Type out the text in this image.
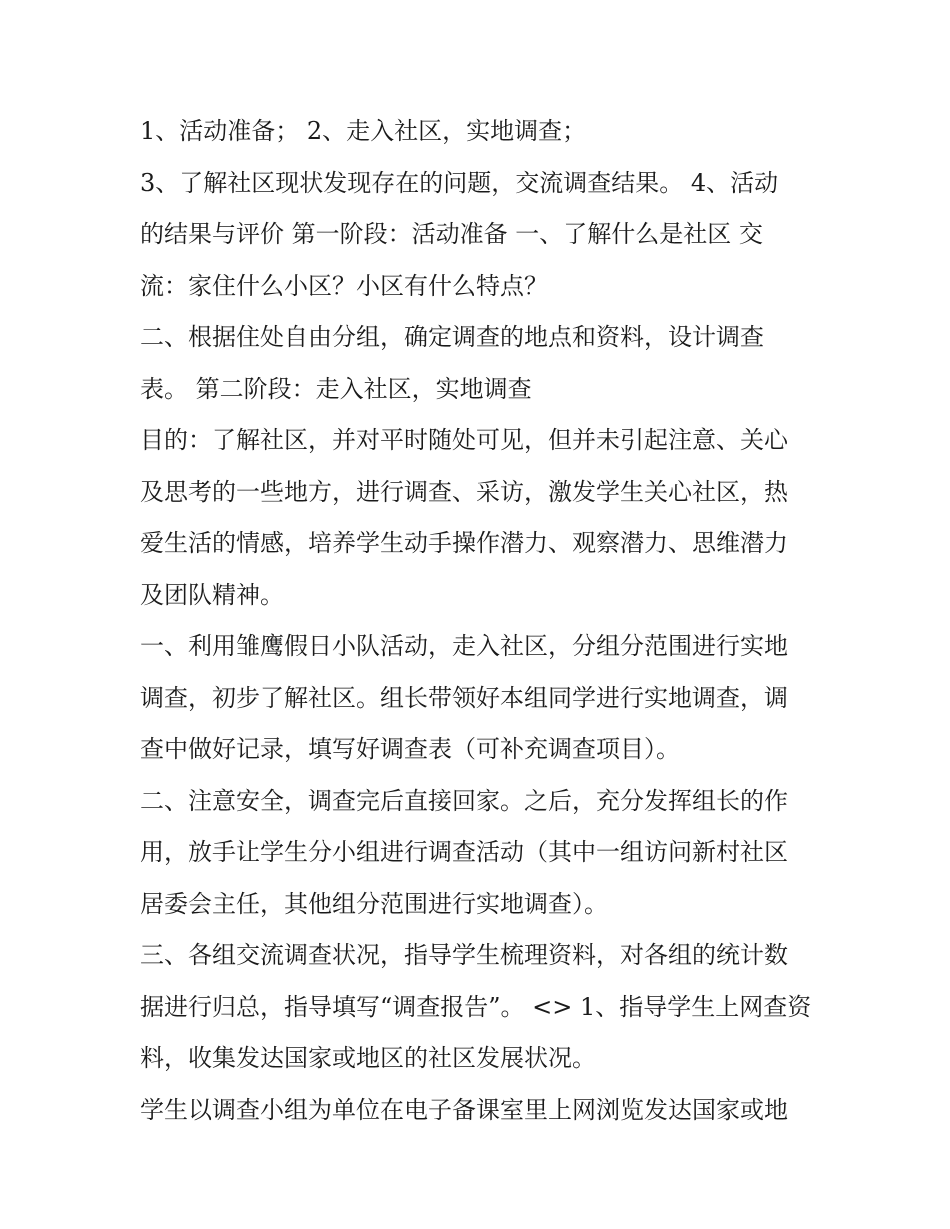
1、活动准备； 2、走入社区，实地调查；
3、了解社区现状发现存在的问题，交流调查结果。 4、活动
的结果与评价 第一阶段：活动准备 一、了解什么是社区 交
流：家住什么小区？小区有什么特点？
二、根据住处自由分组，确定调查的地点和资料，设计调查
表。 第二阶段：走入社区，实地调查
目的：了解社区，并对平时随处可见，但并未引起注意、关心
及思考的一些地方，进行调查、采访，激发学生关心社区，热
爱生活的情感，培养学生动手操作潜力、观察潜力、思维潜力
及团队精神。
一、利用雏鹰假日小队活动，走入社区，分组分范围进行实地
调查，初步了解社区。组长带领好本组同学进行实地调查，调
查中做好记录，填写好调查表（可补充调查项目）。
二、注意安全，调查完后直接回家。之后，充分发挥组长的作
用，放手让学生分小组进行调查活动（其中一组访问新村社区
居委会主任，其他组分范围进行实地调查）。
三、各组交流调查状况，指导学生梳理资料，对各组的统计数
据进行归总，指导填写“调查报告”。 <> 1、指导学生上网查资
料，收集发达国家或地区的社区发展状况。
学生以调查小组为单位在电子备课室里上网浏览发达国家或地
